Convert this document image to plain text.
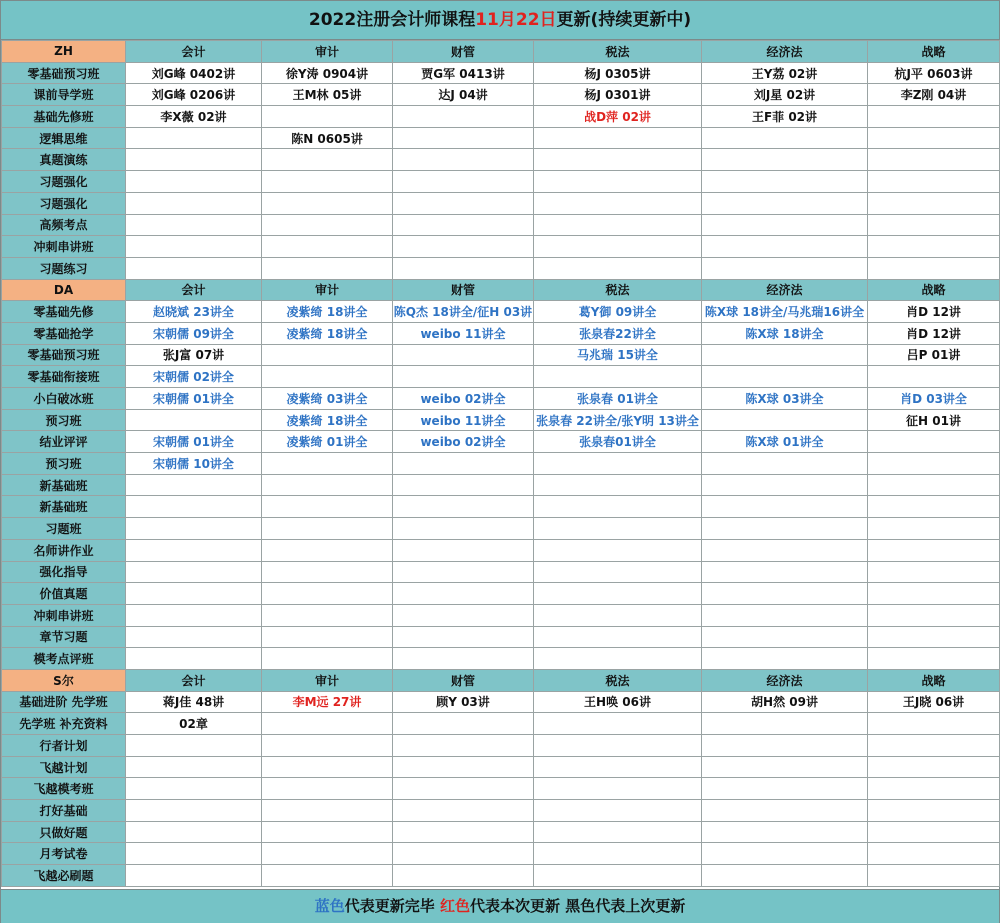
2022注册会计师课程11月22日更新(持续更新中)
ZH	会计	审计	财管	税法	经济法	战略
零基础预习班	刘G峰 0402讲	徐Y涛 0904讲	贾G军 0413讲	杨J 0305讲	王Y荔 02讲	杭J平 0603讲
课前导学班	刘G峰 0206讲	王M林 05讲	达J 04讲	杨J 0301讲	刘J星 02讲	李Z刚 04讲
基础先修班	李X薇 02讲			战D萍 02讲	王F菲 02讲	
逻辑思维		陈N 0605讲				
真题演练						
习题强化						
习题强化						
高频考点						
冲刺串讲班						
习题练习						
DA	会计	审计	财管	税法	经济法	战略
零基础先修	赵晓斌 23讲全	凌紫绮 18讲全	陈Q杰 18讲全/征H 03讲	葛Y御 09讲全	陈X球 18讲全/马兆瑞16讲全	肖D 12讲
零基础抢学	宋朝儒 09讲全	凌紫绮 18讲全	weibo 11讲全	张泉春22讲全	陈X球 18讲全	肖D 12讲
零基础预习班	张J富 07讲			马兆瑞 15讲全		吕P 01讲
零基础衔接班	宋朝儒 02讲全					
小白破冰班	宋朝儒 01讲全	凌紫绮 03讲全	weibo 02讲全	张泉春 01讲全	陈X球 03讲全	肖D 03讲全
预习班		凌紫绮 18讲全	weibo 11讲全	张泉春 22讲全/张Y明 13讲全		征H 01讲
结业评评	宋朝儒 01讲全	凌紫绮 01讲全	weibo 02讲全	张泉春01讲全	陈X球 01讲全	
预习班	宋朝儒 10讲全					
新基础班						
新基础班						
习题班						
名师讲作业						
强化指导						
价值真题						
冲刺串讲班						
章节习题						
模考点评班						
S尔	会计	审计	财管	税法	经济法	战略
基础进阶 先学班	蒋J佳 48讲	李M远 27讲	顾Y 03讲	王H唤 06讲	胡H然 09讲	王J晓 06讲
先学班 补充资料	02章					
行者计划						
飞越计划						
飞越模考班						
打好基础						
只做好题						
月考试卷						
飞越必刷题						
蓝色代表更新完毕 红色代表本次更新 黑色代表上次更新
